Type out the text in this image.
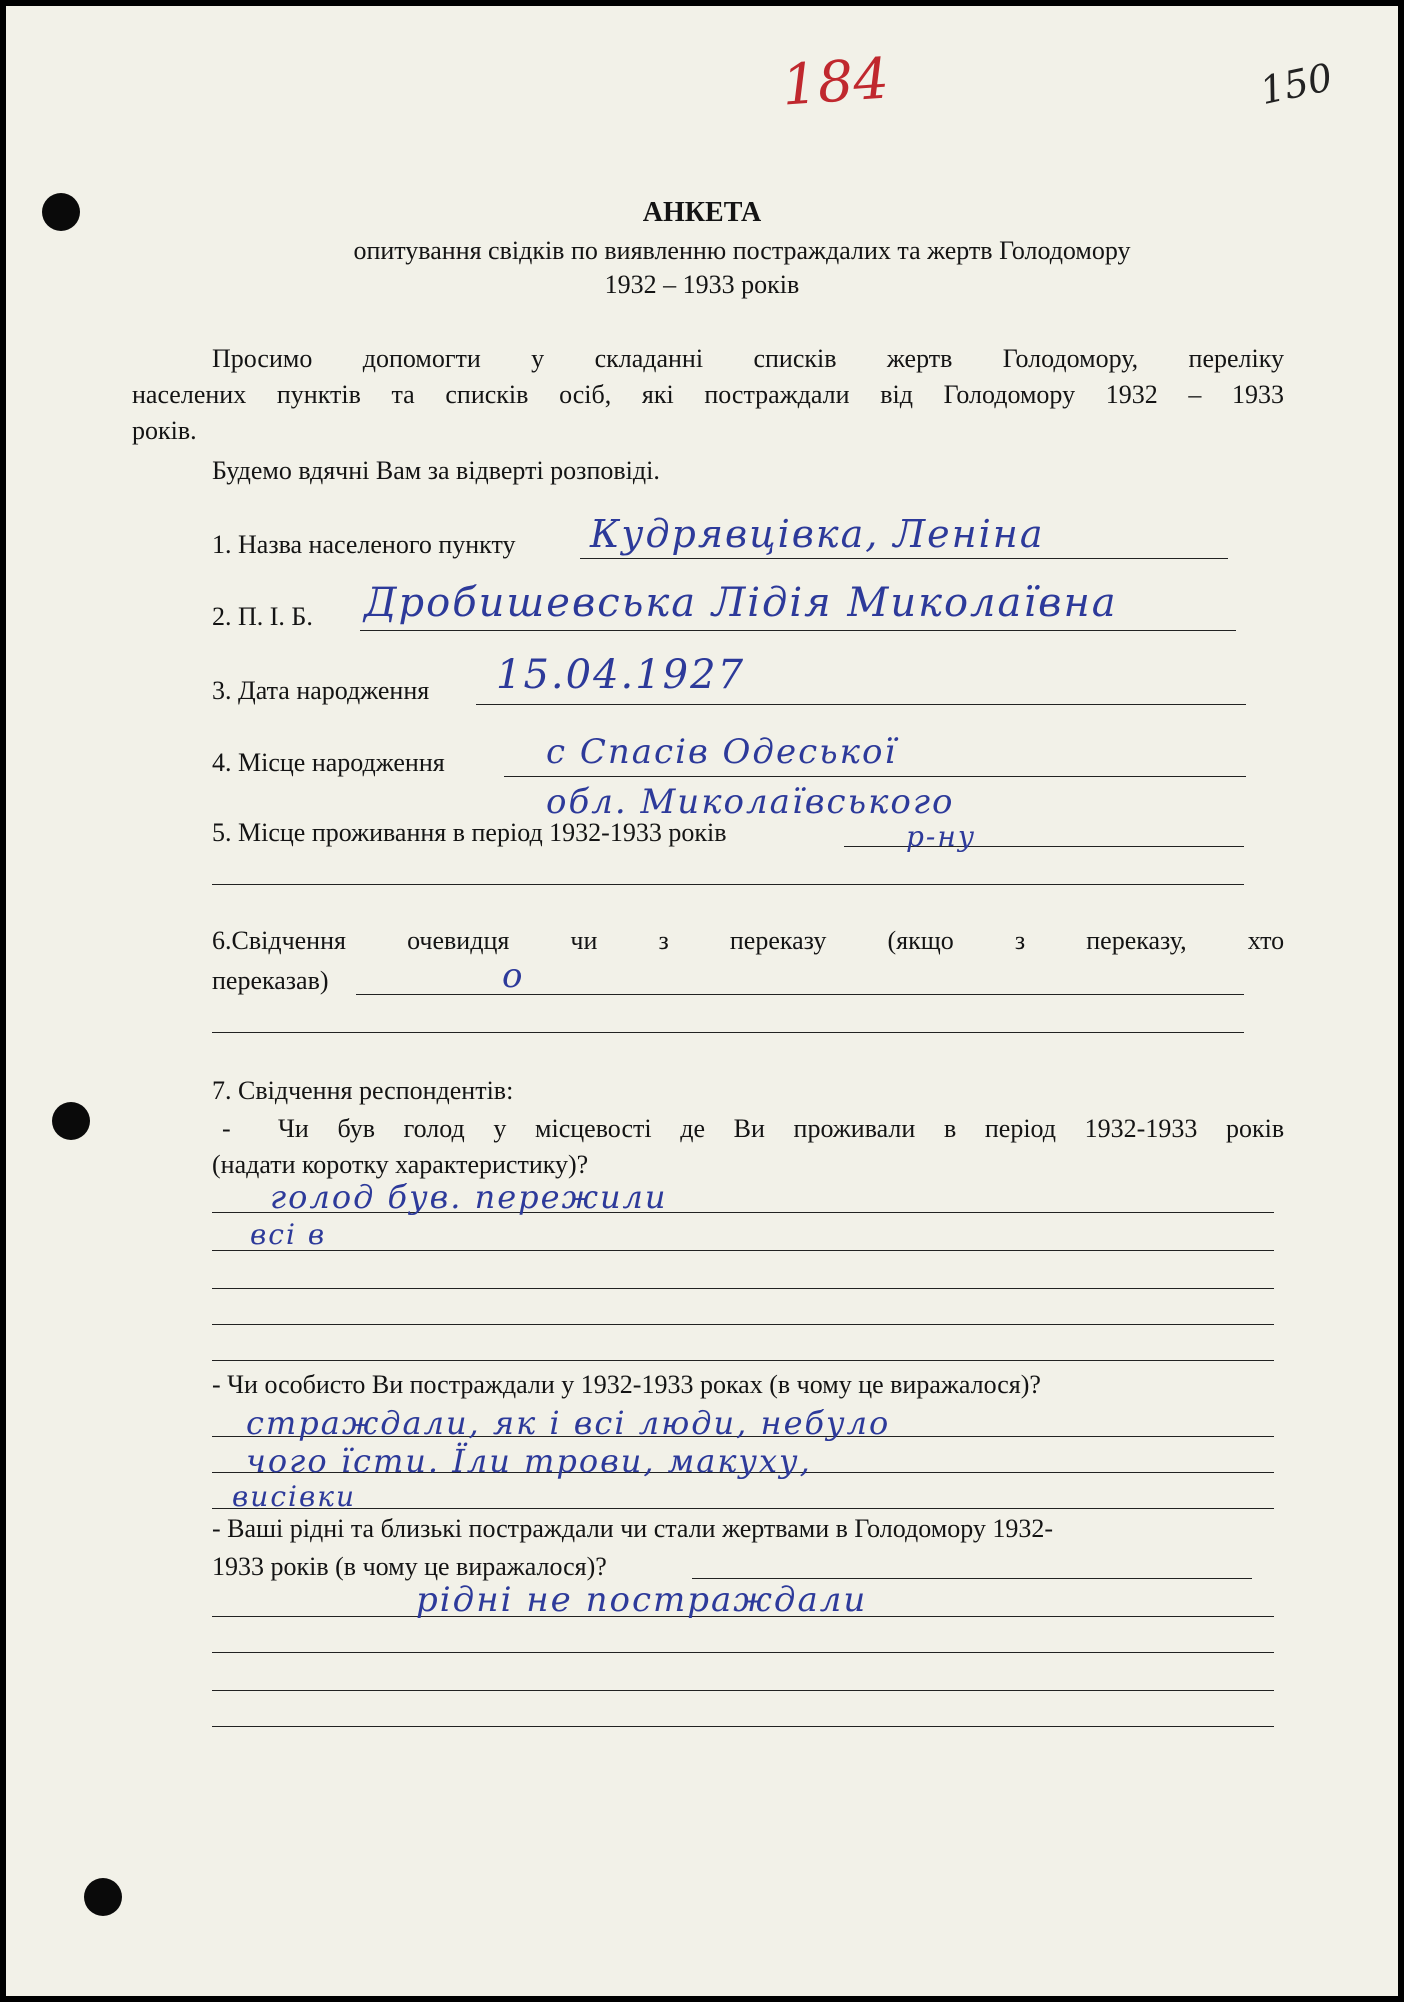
184	150
АНКЕТА
опитування свідків по виявленню постраждалих та жертв Голодомору
1932 – 1933 років
Просимо допомогти у складанні списків жертв Голодомору, переліку
населених пунктів та списків осіб, які постраждали від Голодомору 1932 – 1933
років.
Будемо вдячні Вам за відверті розповіді.
1. Назва населеного пункту Кудрявцівка, Леніна
2. П. І. Б. Дробишевська Лідія Миколаївна
3. Дата народження 15.04.1927
4. Місце народження	с Спасів Одеської
обл. Миколаївського
5. Місце проживання в період 1932-1933 років	р-ну
6.Свідчення очевидця чи з переказу (якщо з переказу, хто
переказав)	о
7. Свідчення респондентів:
- Чи був голод у місцевості де Ви проживали в період 1932-1933 років
(надати коротку характеристику)?
голод був. пережили
всі в
- Чи особисто Ви постраждали у 1932-1933 роках (в чому це виражалося)?
страждали, як і всі люди, небуло
чого їсти. Їли трови, макуху,
висівки
- Ваші рідні та близькі постраждали чи стали жертвами в Голодомору 1932-
1933 років (в чому це виражалося)?
рідні не постраждали
